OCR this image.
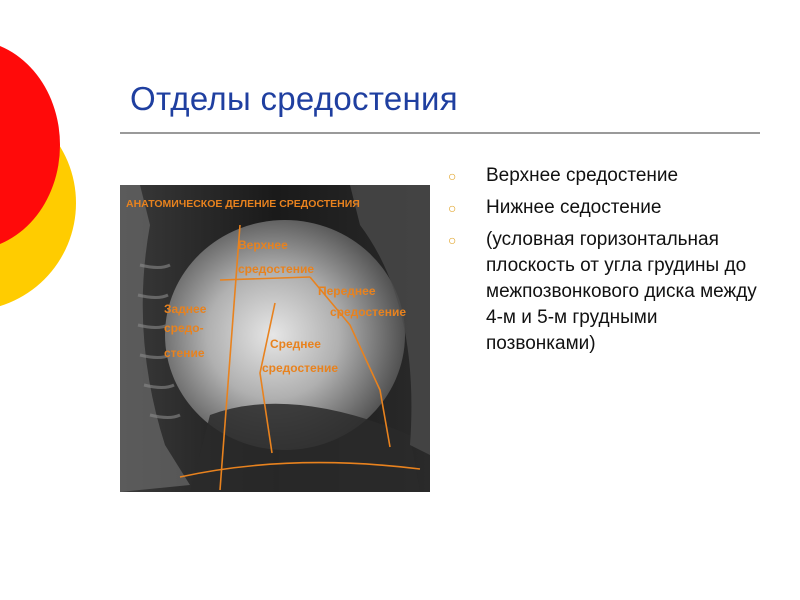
Отделы средостения
АНАТОМИЧЕСКОЕ ДЕЛЕНИЕ СРЕДОСТЕНИЯ
Верхнее
средостение
Переднее
средостение
Заднее
средо-
стение
Среднее
средостение
○ Верхнее средостение
○ Нижнее седостение
○ (условная горизонтальная плоскость от угла грудины до межпозвонкового диска между 4-м и 5-м грудными позвонками)
